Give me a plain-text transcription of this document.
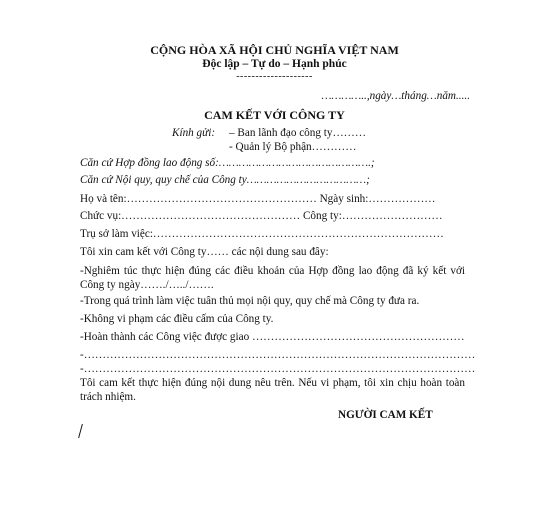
CỘNG HÒA XÃ HỘI CHỦ NGHĨA VIỆT NAM
Độc lập – Tự do – Hạnh phúc
--------------------
…………..,ngày…tháng…năm.....
CAM KẾT VỚI CÔNG TY
Kính gửi: – Ban lãnh đạo công ty………
- Quản lý Bộ phận…………
Căn cứ Hợp đồng lao động số:……………………………………….;
Căn cứ Nội quy, quy chế của Công ty………………………………;
Họ và tên:…………………………………………… Ngày sinh:………………
Chức vụ:………………………………………… Công ty:………………………
Trụ sở làm việc:……………………………………………………………………
Tôi xin cam kết với Công ty…… các nội dung sau đây:
-Nghiêm túc thực hiện đúng các điều khoản của Hợp đồng lao động đã ký kết với Công ty ngày……./…../…….
-Trong quá trình làm việc tuân thủ mọi nội quy, quy chế mà Công ty đưa ra.
-Không vi phạm các điều cấm của Công ty.
-Hoàn thành các Công việc được giao …………………………………………………
-……………………………………………………………………………………………
-……………………………………………………………………………………………
Tôi cam kết thực hiện đúng nội dung nêu trên. Nếu vi phạm, tôi xin chịu hoàn toàn trách nhiệm.
NGƯỜI CAM KẾT
